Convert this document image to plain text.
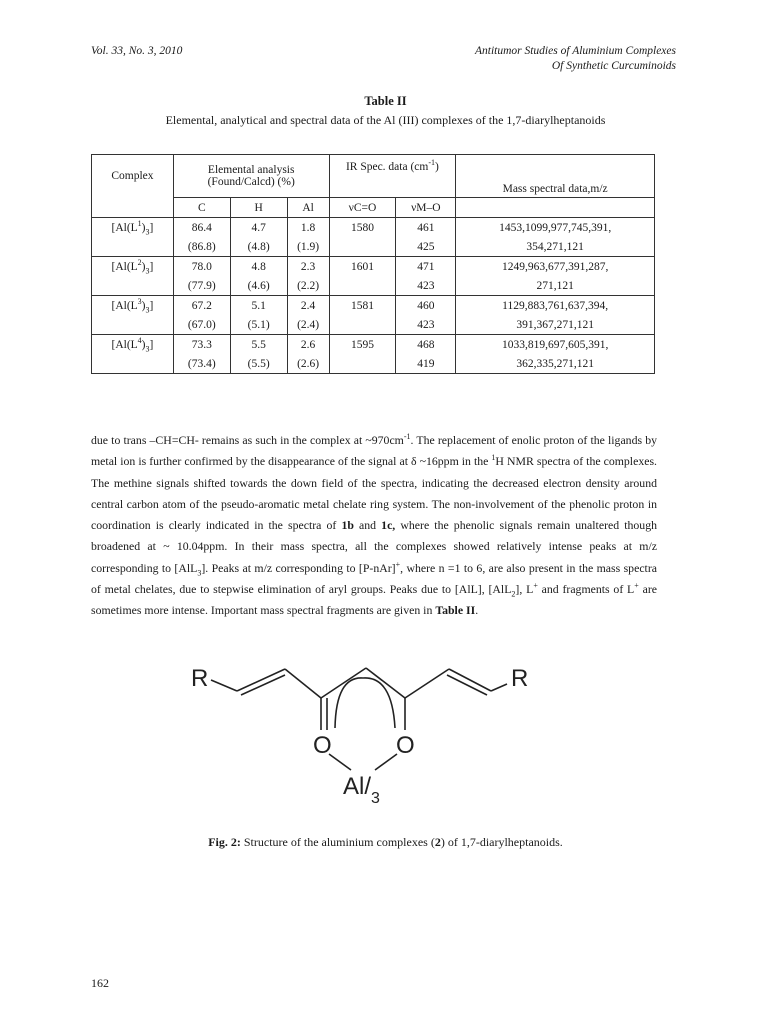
Vol. 33, No. 3, 2010	Antitumor Studies of Aluminium Complexes
Of Synthetic Curcuminoids
Table II
Elemental, analytical and spectral data of the Al (III) complexes of the 1,7-diarylheptanoids
Complex	Elemental analysis
(Found/Calcd) (%)			IR Spec. data $(cm^{-1})$		Mass spectral data,m/z

	C	H	Al	νC=O	νM–O	
$[Al(L^1)_3]$	86.4	4.7	1.8	1580	461	1453,1099,977,745,391,
	(86.8)	(4.8)	(1.9)		425	354,271,121
$[Al(L^2)_3]$	78.0	4.8	2.3	1601	471	1249,963,677,391,287,
	(77.9)	(4.6)	(2.2)		423	271,121
$[Al(L^3)_3]$	67.2	5.1	2.4	1581	460	1129,883,761,637,394,
	(67.0)	(5.1)	(2.4)		423	391,367,271,121
$[Al(L^4)_3]$	73.3	5.5	2.6	1595	468	1033,819,697,605,391,
	(73.4)	(5.5)	(2.6)		419	362,335,271,121
due to trans –CH=CH- remains as such in the complex at $\sim 970cm^{-1}$. The replacement of enolic proton of the ligands by metal ion is further confirmed by the disappearance of the signal at δ ~16ppm in the $^1$H NMR spectra of the complexes. The methine signals shifted towards the down field of the spectra, indicating the decreased electron density around central carbon atom of the pseudo-aromatic metal chelate ring system. The non-involvement of the phenolic proton in coordination is clearly indicated in the spectra of 1b and 1c, where the phenolic signals remain unaltered though broadened at ~ 10.04ppm. In their mass spectra, all the complexes showed relatively intense peaks at m/z corresponding to [AlL$_3$]. Peaks at m/z corresponding to [P-nAr]+, where n =1 to 6, are also present in the mass spectra of metal chelates, due to stepwise elimination of aryl groups. Peaks due to [AlL], [AlL$_2$], L+ and fragments of L+ are sometimes more intense. Important mass spectral fragments are given in Table II.
R	R
O	O
$Al/_3$
Fig. 2: Structure of the aluminium complexes (2) of 1,7-diarylheptanoids.
162
